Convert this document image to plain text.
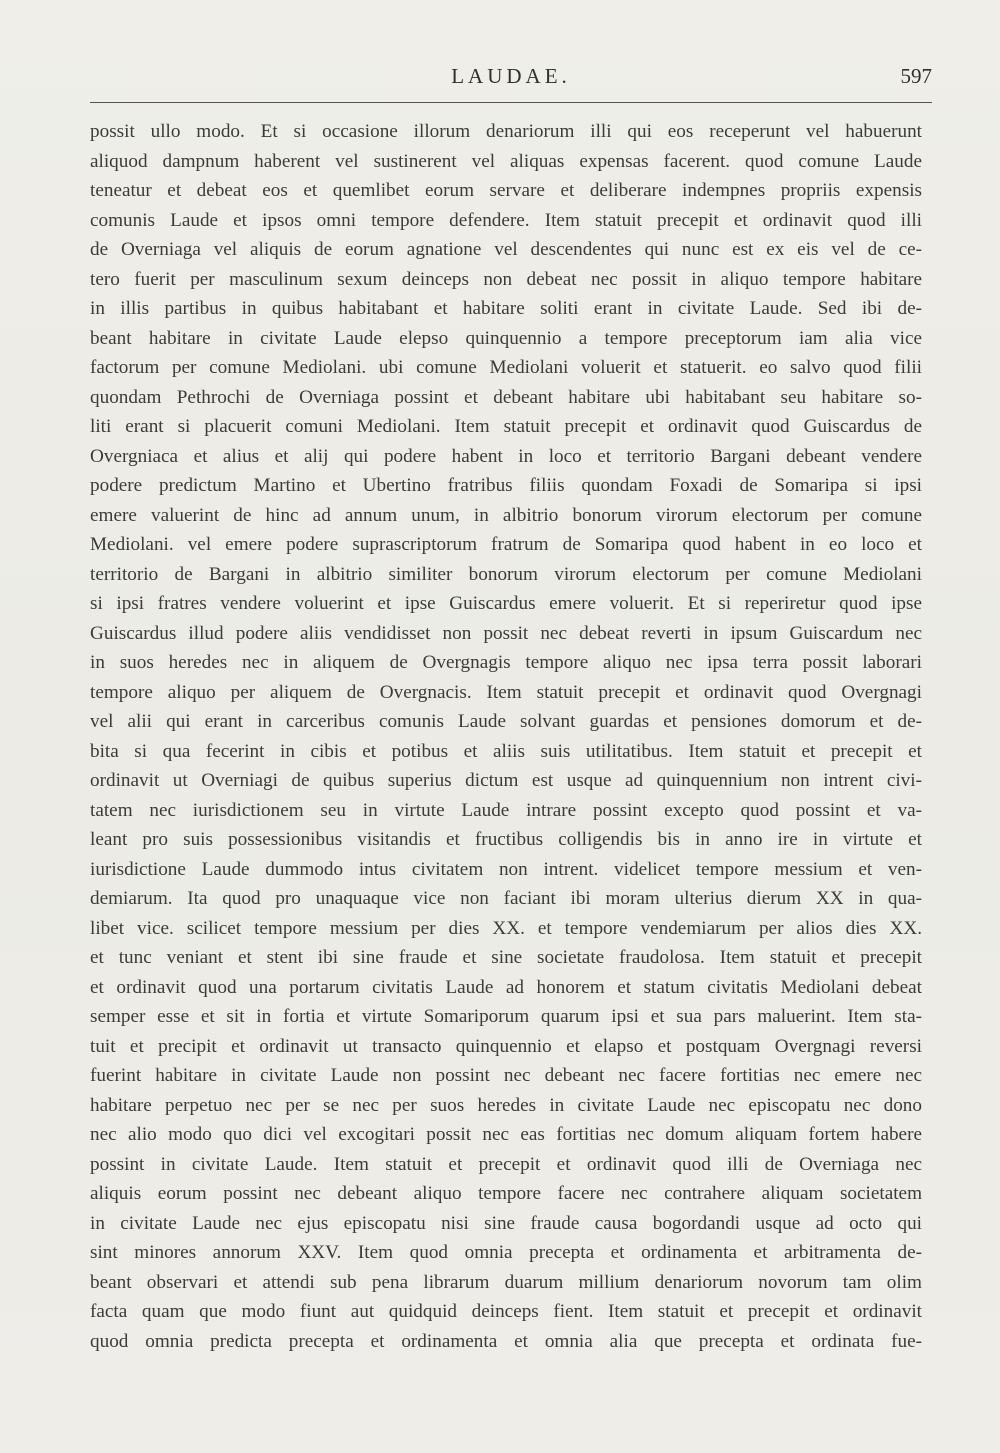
LAUDAE.	597
possit ullo modo. Et si occasione illorum denariorum illi qui eos receperunt vel habuerunt
aliquod dampnum haberent vel sustinerent vel aliquas expensas facerent. quod comune Laude
teneatur et debeat eos et quemlibet eorum servare et deliberare indempnes propriis expensis
comunis Laude et ipsos omni tempore defendere. Item statuit precepit et ordinavit quod illi
de Overniaga vel aliquis de eorum agnatione vel descendentes qui nunc est ex eis vel de ce-
tero fuerit per masculinum sexum deinceps non debeat nec possit in aliquo tempore habitare
in illis partibus in quibus habitabant et habitare soliti erant in civitate Laude. Sed ibi de-
beant habitare in civitate Laude elepso quinquennio a tempore preceptorum iam alia vice
factorum per comune Mediolani. ubi comune Mediolani voluerit et statuerit. eo salvo quod filii
quondam Pethrochi de Overniaga possint et debeant habitare ubi habitabant seu habitare so-
liti erant si placuerit comuni Mediolani. Item statuit precepit et ordinavit quod Guiscardus de
Overgniaca et alius et alij qui podere habent in loco et territorio Bargani debeant vendere
podere predictum Martino et Ubertino fratribus filiis quondam Foxadi de Somaripa si ipsi
emere valuerint de hinc ad annum unum, in albitrio bonorum virorum electorum per comune
Mediolani. vel emere podere suprascriptorum fratrum de Somaripa quod habent in eo loco et
territorio de Bargani in albitrio similiter bonorum virorum electorum per comune Mediolani
si ipsi fratres vendere voluerint et ipse Guiscardus emere voluerit. Et si reperiretur quod ipse
Guiscardus illud podere aliis vendidisset non possit nec debeat reverti in ipsum Guiscardum nec
in suos heredes nec in aliquem de Overgnagis tempore aliquo nec ipsa terra possit laborari
tempore aliquo per aliquem de Overgnacis. Item statuit precepit et ordinavit quod Overgnagi
vel alii qui erant in carceribus comunis Laude solvant guardas et pensiones domorum et de-
bita si qua fecerint in cibis et potibus et aliis suis utilitatibus. Item statuit et precepit et
ordinavit ut Overniagi de quibus superius dictum est usque ad quinquennium non intrent civi-
tatem nec iurisdictionem seu in virtute Laude intrare possint excepto quod possint et va-
leant pro suis possessionibus visitandis et fructibus colligendis bis in anno ire in virtute et
iurisdictione Laude dummodo intus civitatem non intrent. videlicet tempore messium et ven-
demiarum. Ita quod pro unaquaque vice non faciant ibi moram ulterius dierum XX in qua-
libet vice. scilicet tempore messium per dies XX. et tempore vendemiarum per alios dies XX.
et tunc veniant et stent ibi sine fraude et sine societate fraudolosa. Item statuit et precepit
et ordinavit quod una portarum civitatis Laude ad honorem et statum civitatis Mediolani debeat
semper esse et sit in fortia et virtute Somariporum quarum ipsi et sua pars maluerint. Item sta-
tuit et precipit et ordinavit ut transacto quinquennio et elapso et postquam Overgnagi reversi
fuerint habitare in civitate Laude non possint nec debeant nec facere fortitias nec emere nec
habitare perpetuo nec per se nec per suos heredes in civitate Laude nec episcopatu nec dono
nec alio modo quo dici vel excogitari possit nec eas fortitias nec domum aliquam fortem habere
possint in civitate Laude. Item statuit et precepit et ordinavit quod illi de Overniaga nec
aliquis eorum possint nec debeant aliquo tempore facere nec contrahere aliquam societatem
in civitate Laude nec ejus episcopatu nisi sine fraude causa bogordandi usque ad octo qui
sint minores annorum XXV. Item quod omnia precepta et ordinamenta et arbitramenta de-
beant observari et attendi sub pena librarum duarum millium denariorum novorum tam olim
facta quam que modo fiunt aut quidquid deinceps fient. Item statuit et precepit et ordinavit
quod omnia predicta precepta et ordinamenta et omnia alia que precepta et ordinata fue-
